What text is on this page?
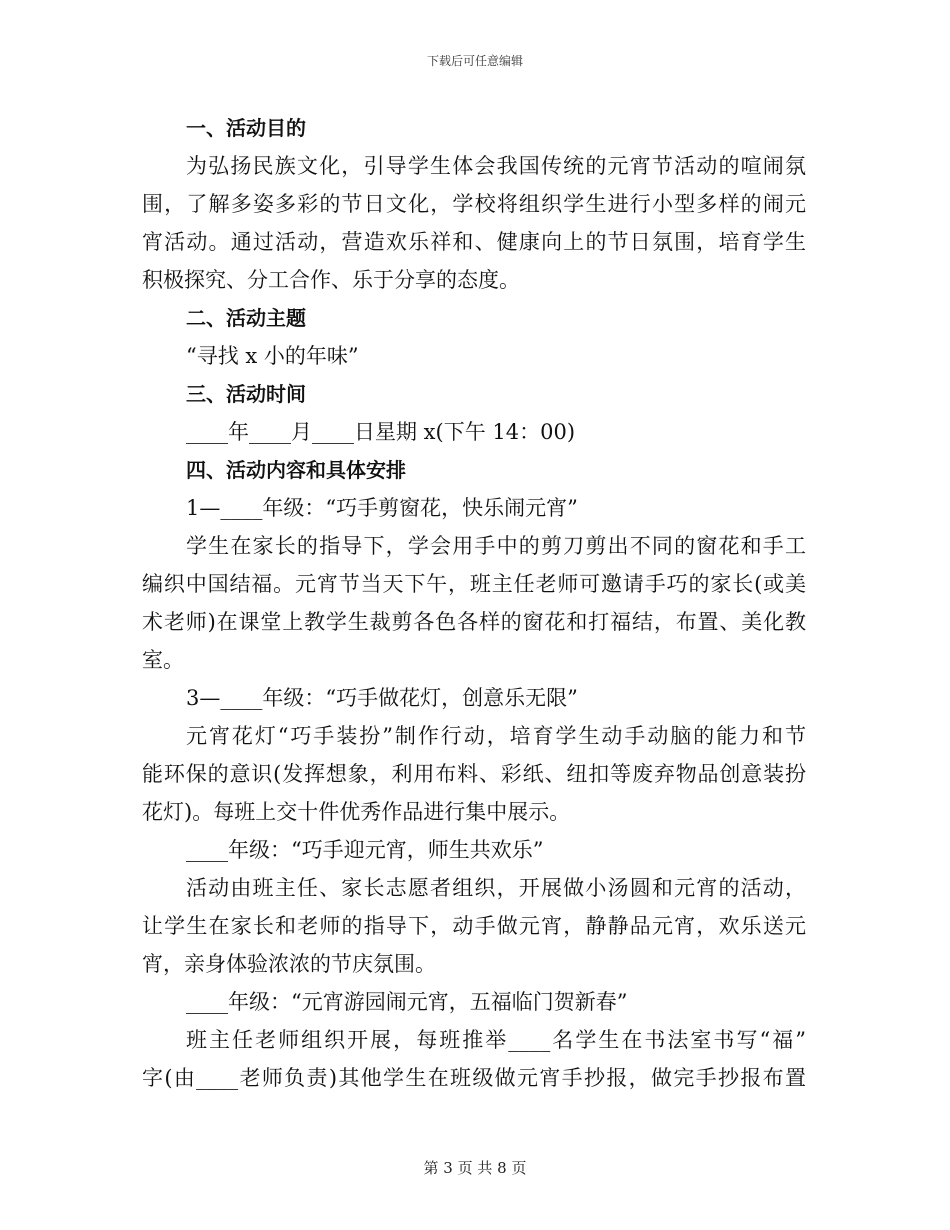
下载后可任意编辑
一、活动目的
为弘扬民族文化，引导学生体会我国传统的元宵节活动的喧闹氛
围，了解多姿多彩的节日文化，学校将组织学生进行小型多样的闹元
宵活动。通过活动，营造欢乐祥和、健康向上的节日氛围，培育学生
积极探究、分工合作、乐于分享的态度。
二、活动主题
“寻找 x 小的年味”
三、活动时间
____年____月____日星期 x(下午 14：00)
四、活动内容和具体安排
1—____年级：“巧手剪窗花，快乐闹元宵”
学生在家长的指导下，学会用手中的剪刀剪出不同的窗花和手工
编织中国结福。元宵节当天下午，班主任老师可邀请手巧的家长(或美
术老师)在课堂上教学生裁剪各色各样的窗花和打福结，布置、美化教
室。
3—____年级：“巧手做花灯，创意乐无限”
元宵花灯“巧手装扮”制作行动，培育学生动手动脑的能力和节
能环保的意识(发挥想象，利用布料、彩纸、纽扣等废弃物品创意装扮
花灯)。每班上交十件优秀作品进行集中展示。
____年级：“巧手迎元宵，师生共欢乐”
活动由班主任、家长志愿者组织，开展做小汤圆和元宵的活动，
让学生在家长和老师的指导下，动手做元宵，静静品元宵，欢乐送元
宵，亲身体验浓浓的节庆氛围。
____年级：“元宵游园闹元宵，五福临门贺新春”
班主任老师组织开展，每班推举____名学生在书法室书写“福”
字(由____老师负责)其他学生在班级做元宵手抄报，做完手抄报布置
第 3 页 共 8 页
